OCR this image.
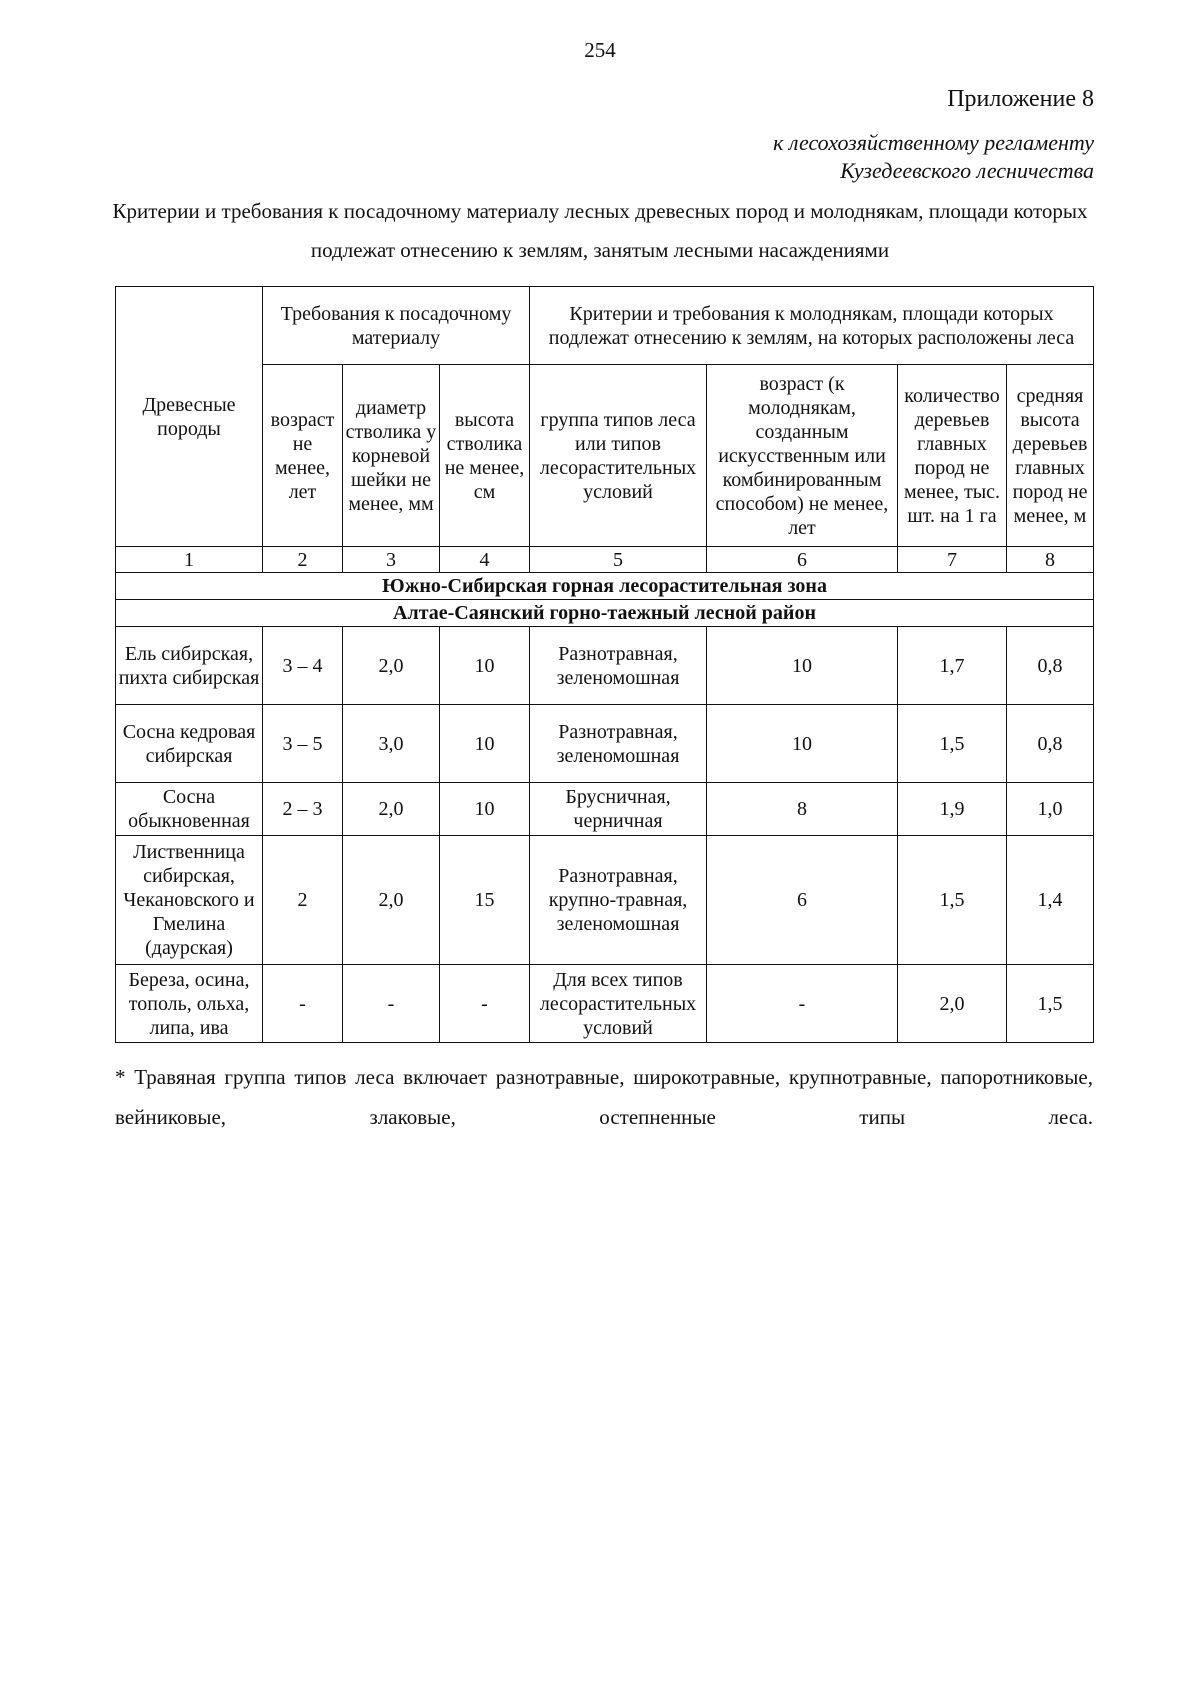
254
Приложение 8
к лесохозяйственному регламенту
Кузедеевского лесничества
Критерии и требования к посадочному материалу лесных древесных пород и молоднякам, площади которых подлежат отнесению к землям, занятым лесными насаждениями
Древесные породы	Требования к посадочному материалу			Критерии и требования к молоднякам, площади которых подлежат отнесению к землям, на которых расположены леса			
	возраст не менее, лет	диаметр стволика у корневой шейки не менее, мм	высота стволика не менее, см	группа типов леса или типов лесорастительных условий	возраст (к молоднякам, созданным искусственным или комбинированным способом) не менее, лет	количество деревьев главных пород не менее, тыс. шт. на 1 га	средняя высота деревьев главных пород не менее, м
1	2	3	4	5	6	7	8
Южно-Сибирская горная лесорастительная зона							
Алтае-Саянский горно-таежный лесной район							
Ель сибирская, пихта сибирская	3 – 4	2,0	10	Разнотравная, зеленомошная	10	1,7	0,8
Сосна кедровая сибирская	3 – 5	3,0	10	Разнотравная, зеленомошная	10	1,5	0,8
Сосна обыкновенная	2 – 3	2,0	10	Брусничная, черничная	8	1,9	1,0
Лиственница сибирская, Чекановского и Гмелина (даурская)	2	2,0	15	Разнотравная, крупно-травная, зеленомошная	6	1,5	1,4
Береза, осина, тополь, ольха, липа, ива	-	-	-	Для всех типов лесорастительных условий	-	2,0	1,5
* Травяная группа типов леса включает разнотравные, широкотравные, крупнотравные, папоротниковые, вейниковые, злаковые, остепненные типы леса.
